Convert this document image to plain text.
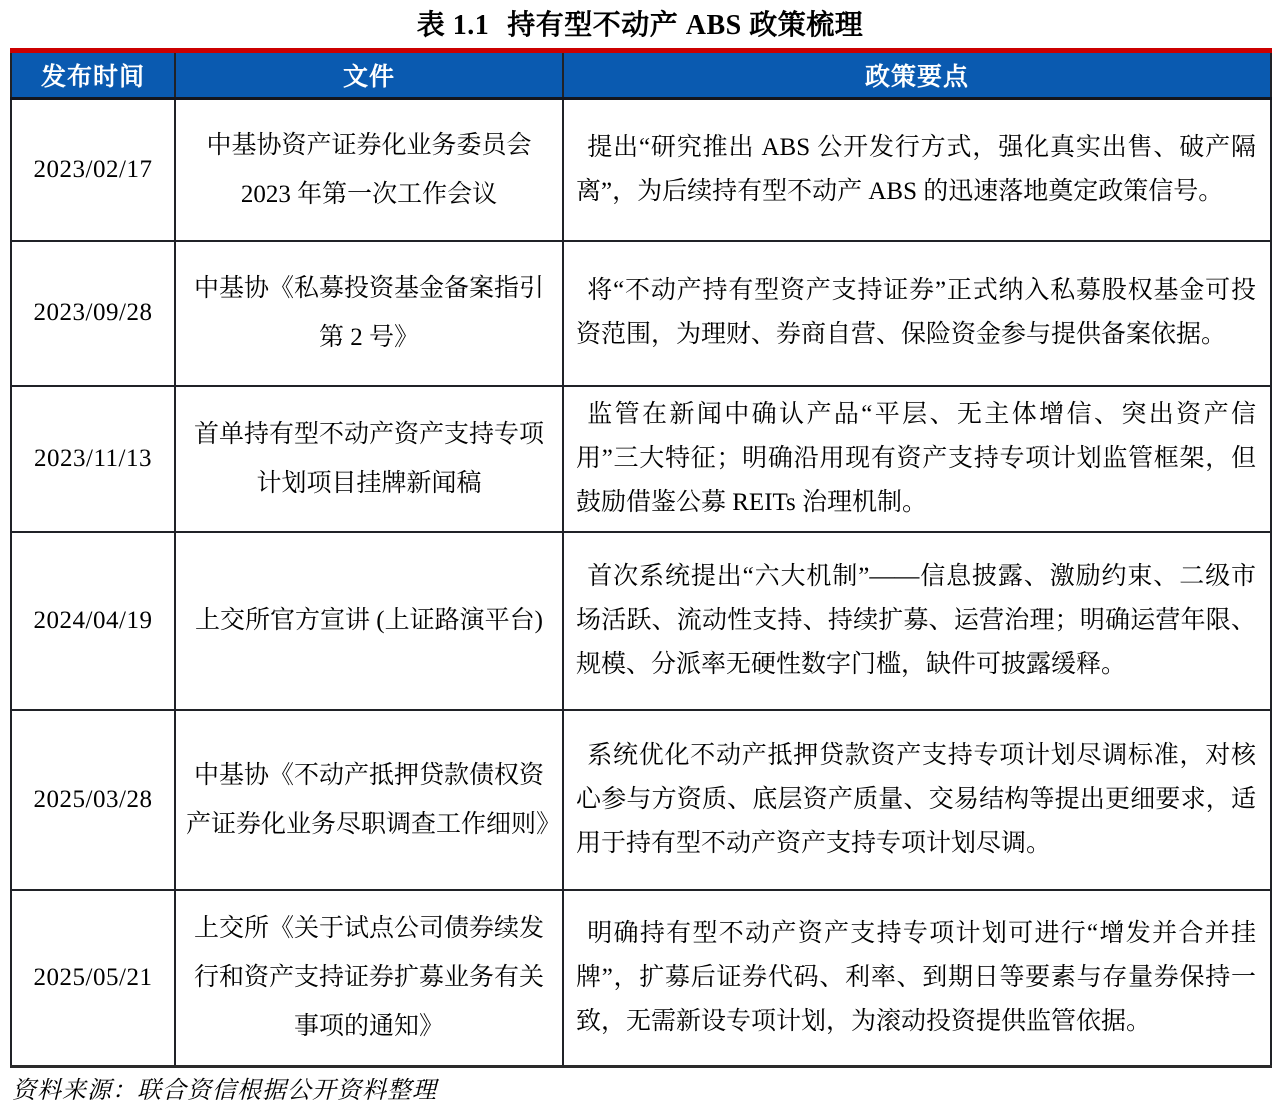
表 1.1 持有型不动产 ABS 政策梳理
发布时间	文件	政策要点
2023/02/17	中基协资产证券化业务委员会 2023 年第一次工作会议	提出“研究推出 ABS 公开发行方式，强化真实出售、破产隔离”，为后续持有型不动产 ABS 的迅速落地奠定政策信号。
2023/09/28	中基协《私募投资基金备案指引第 2 号》	将“不动产持有型资产支持证券”正式纳入私募股权基金可投资范围，为理财、券商自营、保险资金参与提供备案依据。
2023/11/13	首单持有型不动产资产支持专项计划项目挂牌新闻稿	监管在新闻中确认产品“平层、无主体增信、突出资产信用”三大特征；明确沿用现有资产支持专项计划监管框架，但鼓励借鉴公募 REITs 治理机制。
2024/04/19	上交所官方宣讲 (上证路演平台)	首次系统提出“六大机制”——信息披露、激励约束、二级市场活跃、流动性支持、持续扩募、运营治理；明确运营年限、规模、分派率无硬性数字门槛，缺件可披露缓释。
2025/03/28	中基协《不动产抵押贷款债权资产证券化业务尽职调查工作细则》	系统优化不动产抵押贷款资产支持专项计划尽调标准，对核心参与方资质、底层资产质量、交易结构等提出更细要求，适用于持有型不动产资产支持专项计划尽调。
2025/05/21	上交所《关于试点公司债券续发行和资产支持证券扩募业务有关事项的通知》	明确持有型不动产资产支持专项计划可进行“增发并合并挂牌”，扩募后证券代码、利率、到期日等要素与存量券保持一致，无需新设专项计划，为滚动投资提供监管依据。
资料来源：联合资信根据公开资料整理
